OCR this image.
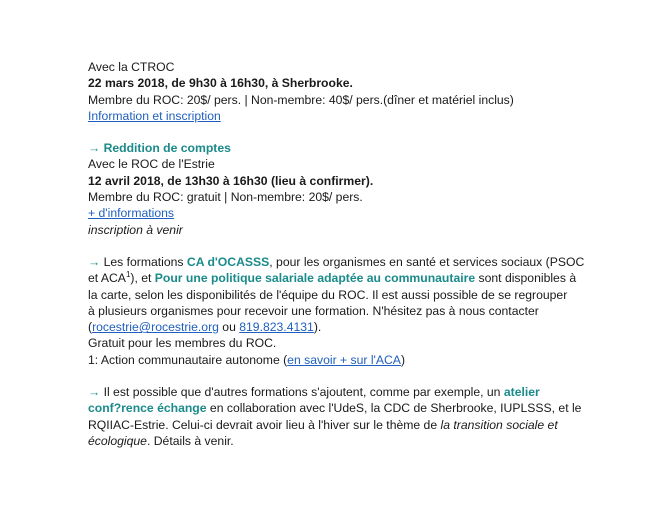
Avec la CTROC
22 mars 2018, de 9h30 à 16h30, à Sherbrooke.
Membre du ROC: 20$/ pers. | Non-membre: 40$/ pers.(dîner et matériel inclus)
Information et inscription
→ Reddition de comptes
Avec le ROC de l'Estrie
12 avril 2018, de 13h30 à 16h30 (lieu à confirmer).
Membre du ROC: gratuit | Non-membre: 20$/ pers.
+ d'informations
inscription à venir
→ Les formations CA d'OCASSS, pour les organismes en santé et services sociaux (PSOC
et ACA$^1$), et Pour une politique salariale adaptée au communautaire sont disponibles à
la carte, selon les disponibilités de l'équipe du ROC. Il est aussi possible de se regrouper
à plusieurs organismes pour recevoir une formation. N'hésitez pas à nous contacter
(rocestrie@rocestrie.org ou 819.823.4131).
Gratuit pour les membres du ROC.
1: Action communautaire autonome (en savoir + sur l'ACA)
→ Il est possible que d'autres formations s'ajoutent, comme par exemple, un atelier
conf?rence échange en collaboration avec l'UdeS, la CDC de Sherbrooke, IUPLSSS, et le
RQIIAC-Estrie. Celui-ci devrait avoir lieu à l'hiver sur le thème de la transition sociale et
écologique. Détails à venir.
